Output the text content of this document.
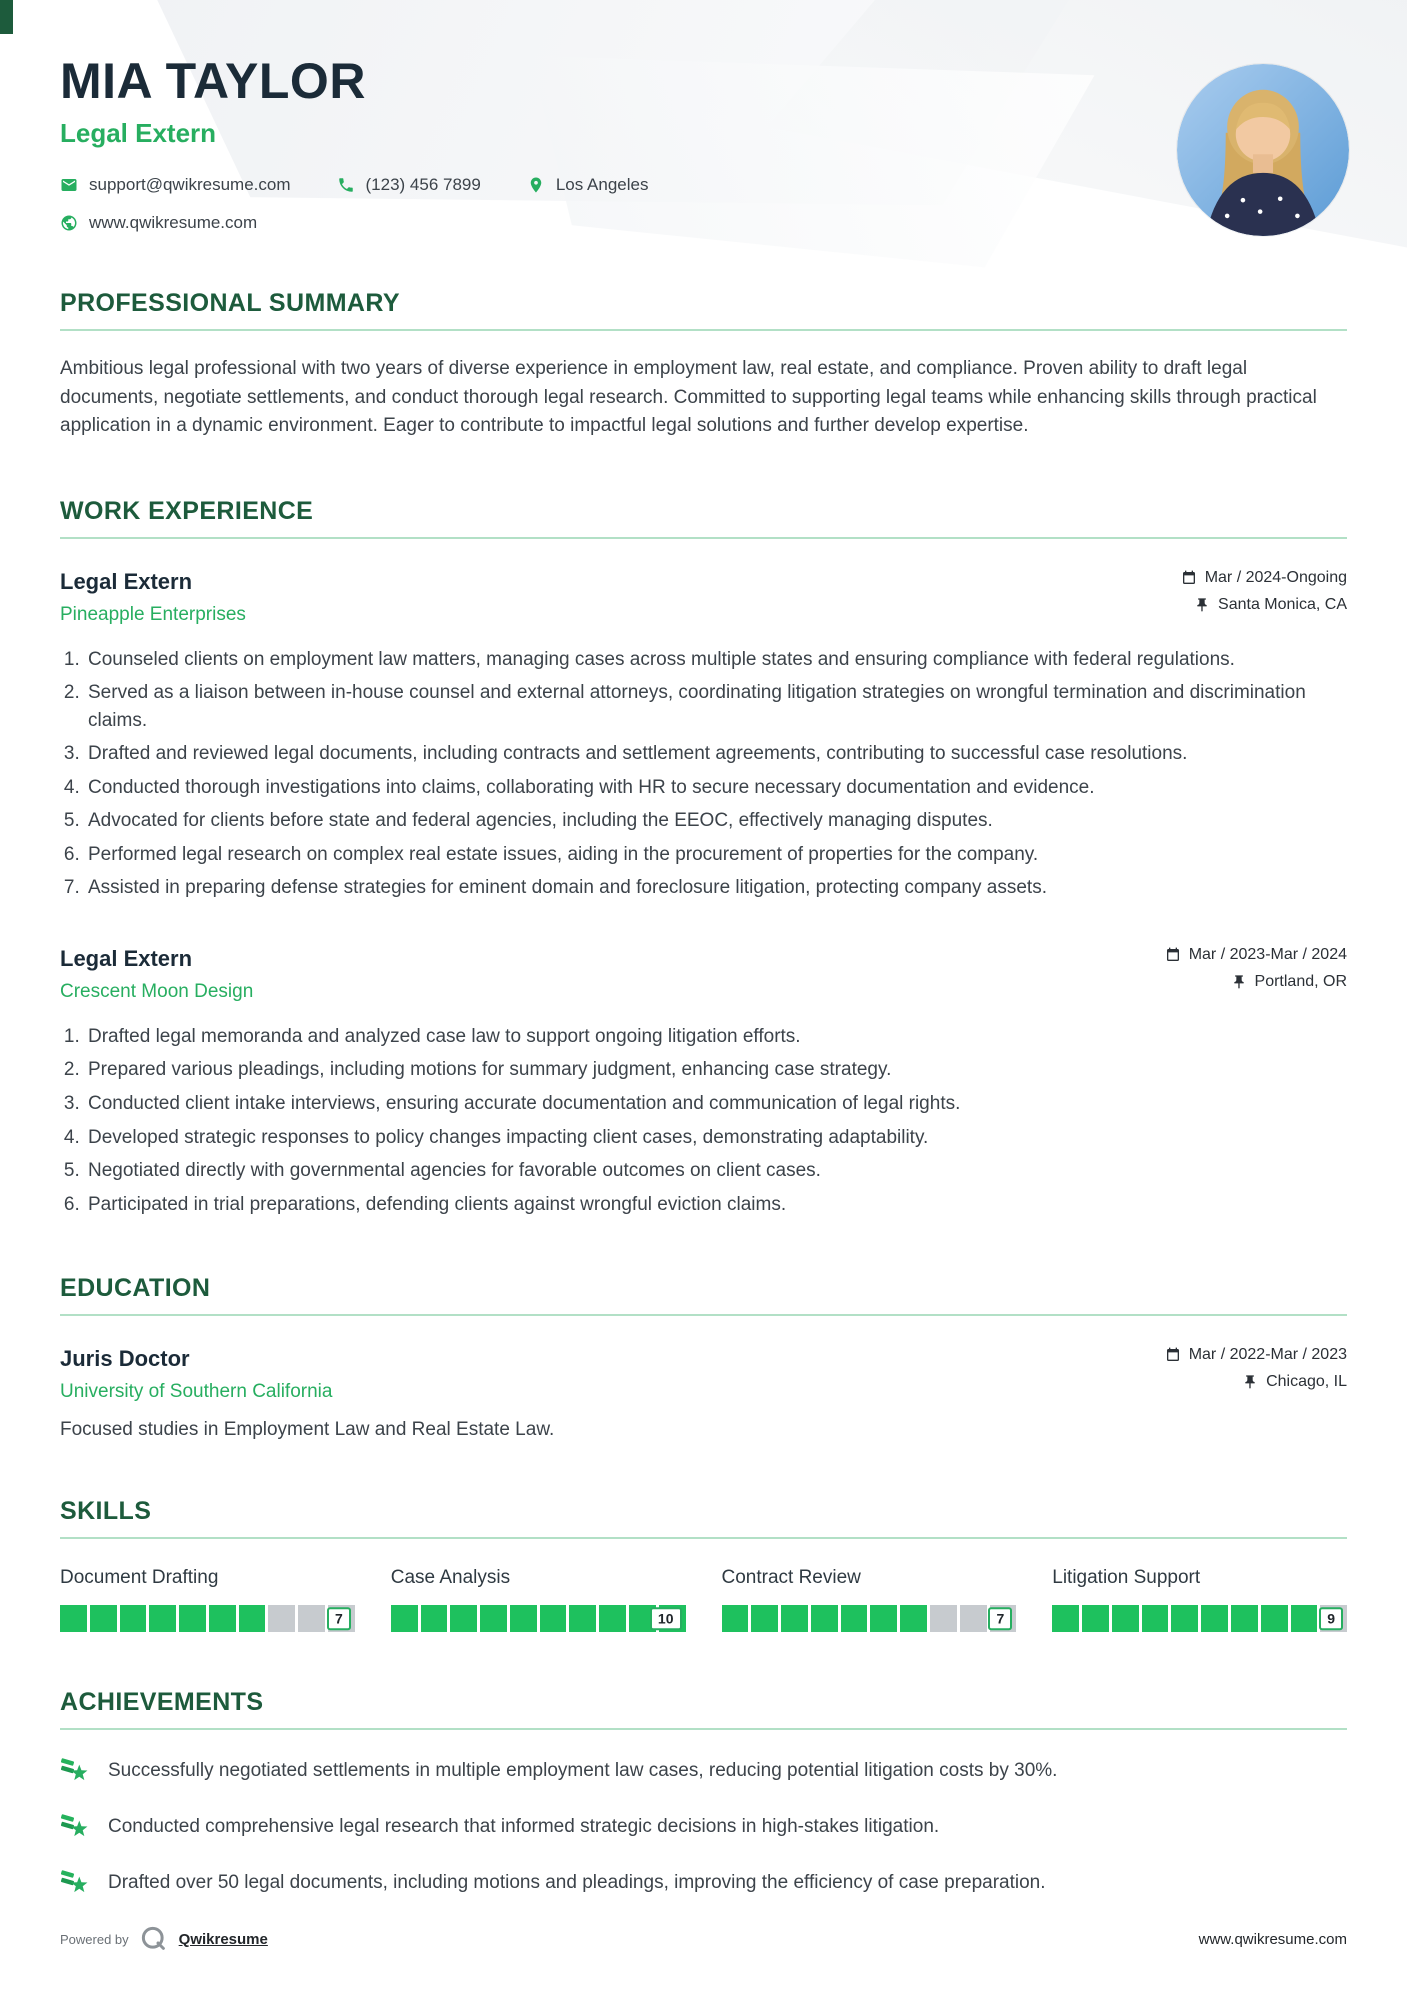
MIA TAYLOR
Legal Extern
support@qwikresume.com	(123) 456 7899	Los Angeles
www.qwikresume.com
PROFESSIONAL SUMMARY

Ambitious legal professional with two years of diverse experience in employment law, real estate, and compliance. Proven ability to draft legal documents, negotiate settlements, and conduct thorough legal research. Committed to supporting legal teams while enhancing skills through practical application in a dynamic environment. Eager to contribute to impactful legal solutions and further develop expertise.

WORK EXPERIENCE
Legal Extern
Pineapple Enterprises
Mar / 2024-Ongoing
Santa Monica, CA
1. Counseled clients on employment law matters, managing cases across multiple states and ensuring compliance with federal regulations.
2. Served as a liaison between in-house counsel and external attorneys, coordinating litigation strategies on wrongful termination and discrimination claims.
3. Drafted and reviewed legal documents, including contracts and settlement agreements, contributing to successful case resolutions.
4. Conducted thorough investigations into claims, collaborating with HR to secure necessary documentation and evidence.
5. Advocated for clients before state and federal agencies, including the EEOC, effectively managing disputes.
6. Performed legal research on complex real estate issues, aiding in the procurement of properties for the company.
7. Assisted in preparing defense strategies for eminent domain and foreclosure litigation, protecting company assets.
Legal Extern
Crescent Moon Design
Mar / 2023-Mar / 2024
Portland, OR
1. Drafted legal memoranda and analyzed case law to support ongoing litigation efforts.
2. Prepared various pleadings, including motions for summary judgment, enhancing case strategy.
3. Conducted client intake interviews, ensuring accurate documentation and communication of legal rights.
4. Developed strategic responses to policy changes impacting client cases, demonstrating adaptability.
5. Negotiated directly with governmental agencies for favorable outcomes on client cases.
6. Participated in trial preparations, defending clients against wrongful eviction claims.
EDUCATION
Juris Doctor
University of Southern California
Mar / 2022-Mar / 2023
Chicago, IL

Focused studies in Employment Law and Real Estate Law.

SKILLS
Document Drafting
7
Case Analysis
10
Contract Review
7
Litigation Support
9
ACHIEVEMENTS
Successfully negotiated settlements in multiple employment law cases, reducing potential litigation costs by 30%.
Conducted comprehensive legal research that informed strategic decisions in high-stakes litigation.
Drafted over 50 legal documents, including motions and pleadings, improving the efficiency of case preparation.
Powered by	Qwikresume	www.qwikresume.com
